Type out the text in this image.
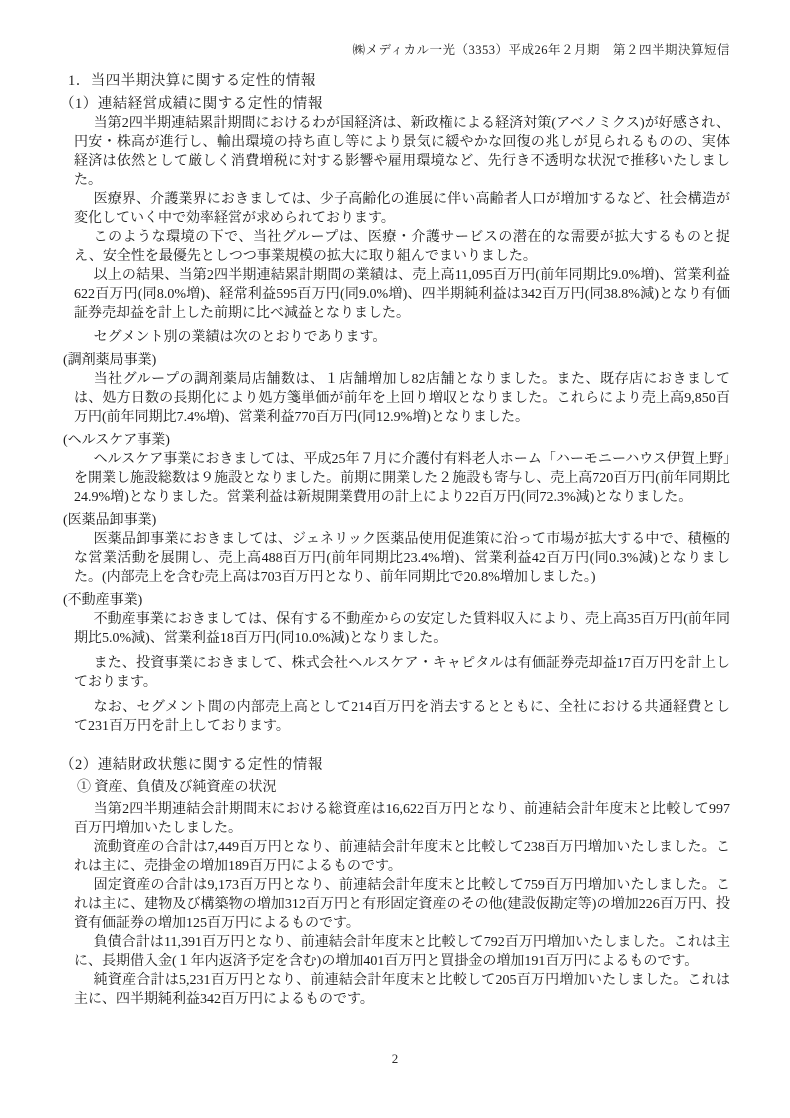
㈱メディカル一光（3353）平成26年２月期　第２四半期決算短信
1．当四半期決算に関する定性的情報
（1）連結経営成績に関する定性的情報

当第2四半期連結累計期間におけるわが国経済は、新政権による経済対策(アベノミクス)が好感され、円安・株高が進行し、輸出環境の持ち直し等により景気に緩やかな回復の兆しが見られるものの、実体経済は依然として厳しく消費増税に対する影響や雇用環境など、先行き不透明な状況で推移いたしました。

医療界、介護業界におきましては、少子高齢化の進展に伴い高齢者人口が増加するなど、社会構造が変化していく中で効率経営が求められております。

このような環境の下で、当社グループは、医療・介護サービスの潜在的な需要が拡大するものと捉え、安全性を最優先としつつ事業規模の拡大に取り組んでまいりました。

以上の結果、当第2四半期連結累計期間の業績は、売上高11,095百万円(前年同期比9.0%増)、営業利益622百万円(同8.0%増)、経常利益595百万円(同9.0%増)、四半期純利益は342百万円(同38.8%減)となり有価証券売却益を計上した前期に比べ減益となりました。

セグメント別の業績は次のとおりであります。

(調剤薬局事業)

当社グループの調剤薬局店舗数は、１店舗増加し82店舗となりました。また、既存店におきましては、処方日数の長期化により処方箋単価が前年を上回り増収となりました。これらにより売上高9,850百万円(前年同期比7.4%増)、営業利益770百万円(同12.9%増)となりました。

(ヘルスケア事業)

ヘルスケア事業におきましては、平成25年７月に介護付有料老人ホーム「ハーモニーハウス伊賀上野」を開業し施設総数は９施設となりました。前期に開業した２施設も寄与し、売上高720百万円(前年同期比24.9%増)となりました。営業利益は新規開業費用の計上により22百万円(同72.3%減)となりました。

(医薬品卸事業)

医薬品卸事業におきましては、ジェネリック医薬品使用促進策に沿って市場が拡大する中で、積極的な営業活動を展開し、売上高488百万円(前年同期比23.4%増)、営業利益42百万円(同0.3%減)となりました。(内部売上を含む売上高は703百万円となり、前年同期比で20.8%増加しました。)

(不動産事業)

不動産事業におきましては、保有する不動産からの安定した賃料収入により、売上高35百万円(前年同期比5.0%減)、営業利益18百万円(同10.0%減)となりました。

また、投資事業におきまして、株式会社ヘルスケア・キャピタルは有価証券売却益17百万円を計上しております。

なお、セグメント間の内部売上高として214百万円を消去するとともに、全社における共通経費として231百万円を計上しております。

（2）連結財政状態に関する定性的情報
① 資産、負債及び純資産の状況

当第2四半期連結会計期間末における総資産は16,622百万円となり、前連結会計年度末と比較して997百万円増加いたしました。

流動資産の合計は7,449百万円となり、前連結会計年度末と比較して238百万円増加いたしました。これは主に、売掛金の増加189百万円によるものです。

固定資産の合計は9,173百万円となり、前連結会計年度末と比較して759百万円増加いたしました。これは主に、建物及び構築物の増加312百万円と有形固定資産のその他(建設仮勘定等)の増加226百万円、投資有価証券の増加125百万円によるものです。

負債合計は11,391百万円となり、前連結会計年度末と比較して792百万円増加いたしました。これは主に、長期借入金(１年内返済予定を含む)の増加401百万円と買掛金の増加191百万円によるものです。

純資産合計は5,231百万円となり、前連結会計年度末と比較して205百万円増加いたしました。これは主に、四半期純利益342百万円によるものです。

2
